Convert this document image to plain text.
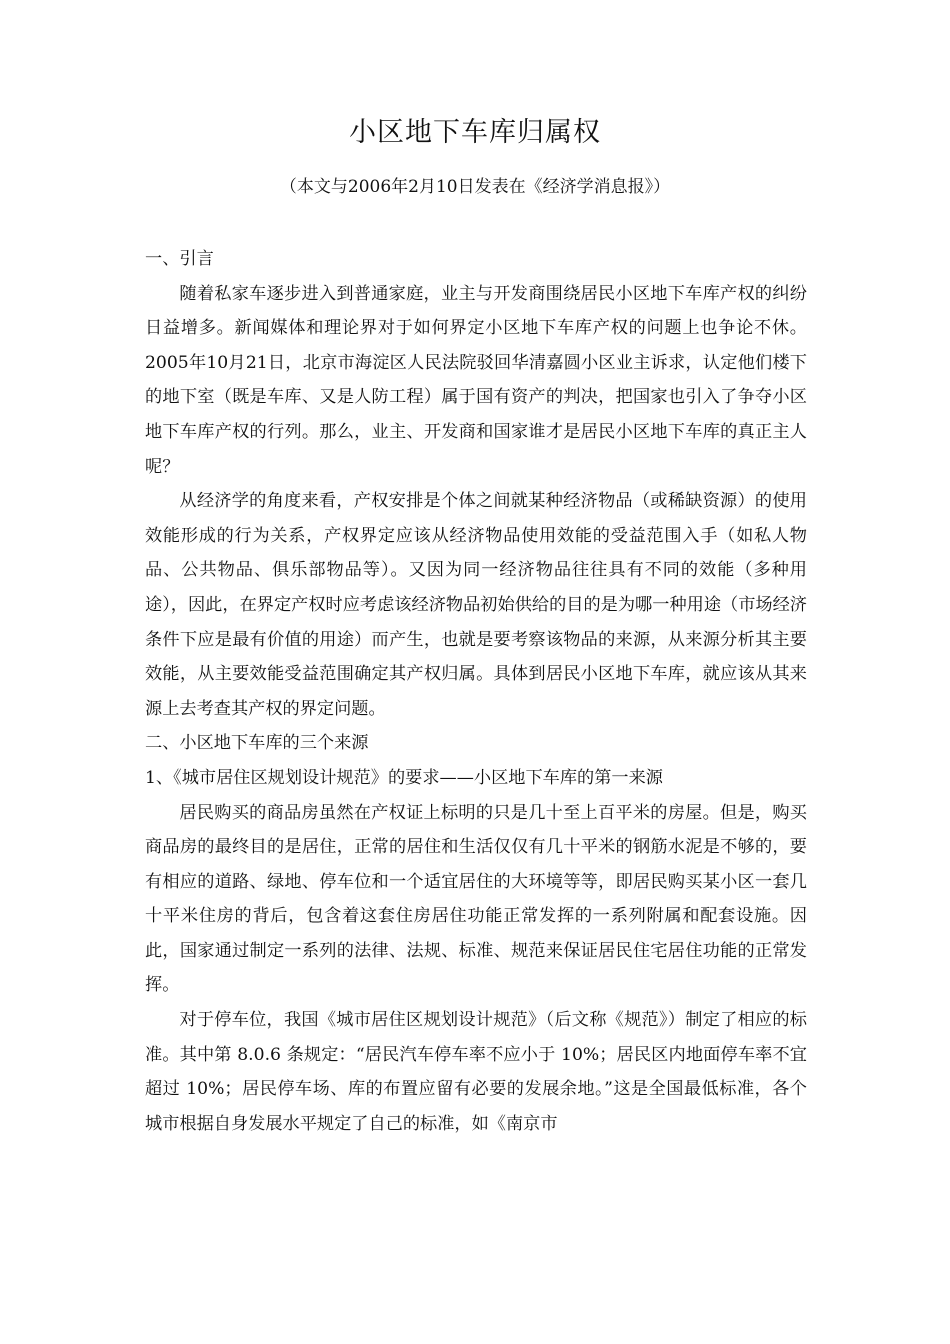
小区地下车库归属权
（本文与2006年2月10日发表在《经济学消息报》）

一、引言

随着私家车逐步进入到普通家庭，业主与开发商围绕居民小区地下车库产权的纠纷日益增多。新闻媒体和理论界对于如何界定小区地下车库产权的问题上也争论不休。2005年10月21日，北京市海淀区人民法院驳回华清嘉圆小区业主诉求，认定他们楼下的地下室（既是车库、又是人防工程）属于国有资产的判决，把国家也引入了争夺小区地下车库产权的行列。那么，业主、开发商和国家谁才是居民小区地下车库的真正主人呢？

从经济学的角度来看，产权安排是个体之间就某种经济物品（或稀缺资源）的使用效能形成的行为关系，产权界定应该从经济物品使用效能的受益范围入手（如私人物品、公共物品、俱乐部物品等）。又因为同一经济物品往往具有不同的效能（多种用途），因此，在界定产权时应考虑该经济物品初始供给的目的是为哪一种用途（市场经济条件下应是最有价值的用途）而产生，也就是要考察该物品的来源，从来源分析其主要效能，从主要效能受益范围确定其产权归属。具体到居民小区地下车库，就应该从其来源上去考查其产权的界定问题。

二、小区地下车库的三个来源

1、《城市居住区规划设计规范》的要求——小区地下车库的第一来源

居民购买的商品房虽然在产权证上标明的只是几十至上百平米的房屋。但是，购买商品房的最终目的是居住，正常的居住和生活仅仅有几十平米的钢筋水泥是不够的，要有相应的道路、绿地、停车位和一个适宜居住的大环境等等，即居民购买某小区一套几十平米住房的背后，包含着这套住房居住功能正常发挥的一系列附属和配套设施。因此，国家通过制定一系列的法律、法规、标准、规范来保证居民住宅居住功能的正常发挥。

对于停车位，我国《城市居住区规划设计规范》（后文称《规范》）制定了相应的标准。其中第 8.0.6 条规定：“居民汽车停车率不应小于 10%；居民区内地面停车率不宜超过 10%；居民停车场、库的布置应留有必要的发展余地。”这是全国最低标准，各个城市根据自身发展水平规定了自己的标准，如《南京市
